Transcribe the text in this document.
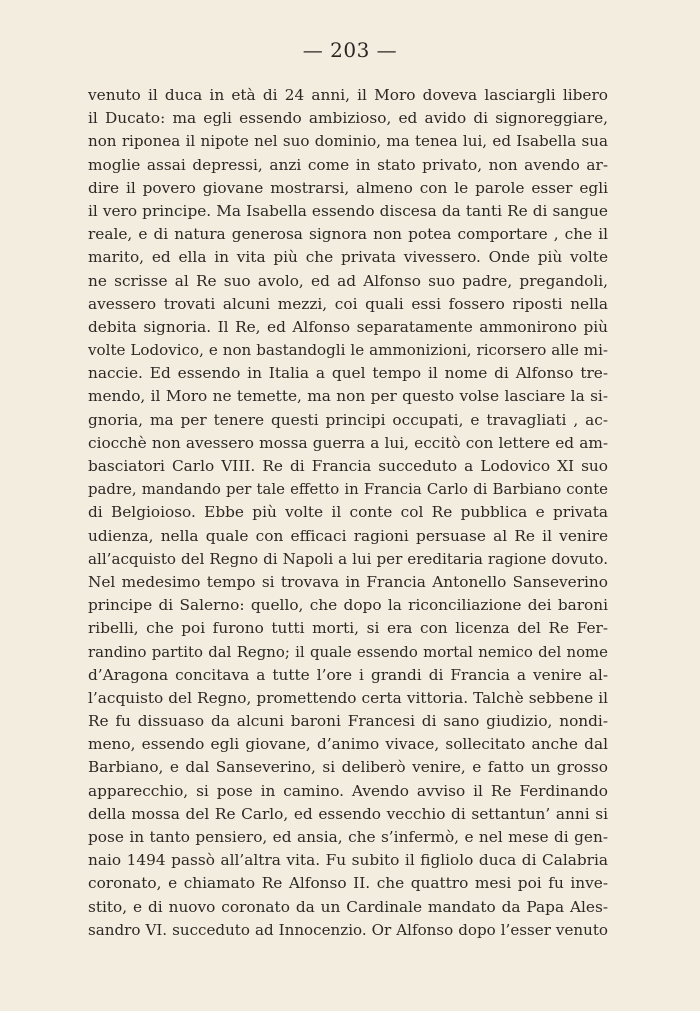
— 203 —
venuto il duca in età di 24 anni, il Moro doveva lasciargli libero
il Ducato: ma egli essendo ambizioso, ed avido di signoreggiare,
non riponea il nipote nel suo dominio, ma tenea lui, ed Isabella sua
moglie assai depressi, anzi come in stato privato, non avendo ar-
dire il povero giovane mostrarsi, almeno con le parole esser egli
il vero principe. Ma Isabella essendo discesa da tanti Re di sangue
reale, e di natura generosa signora non potea comportare , che il
marito, ed ella in vita più che privata vivessero. Onde più volte
ne scrisse al Re suo avolo, ed ad Alfonso suo padre, pregandoli,
avessero trovati alcuni mezzi, coi quali essi fossero riposti nella
debita signoria. Il Re, ed Alfonso separatamente ammonirono più
volte Lodovico, e non bastandogli le ammonizioni, ricorsero alle mi-
naccie. Ed essendo in Italia a quel tempo il nome di Alfonso tre-
mendo, il Moro ne temette, ma non per questo volse lasciare la si-
gnoria, ma per tenere questi principi occupati, e travagliati , ac-
ciocchè non avessero mossa guerra a lui, eccitò con lettere ed am-
basciatori Carlo VIII. Re di Francia succeduto a Lodovico XI suo
padre, mandando per tale effetto in Francia Carlo di Barbiano conte
di Belgioioso. Ebbe più volte il conte col Re pubblica e privata
udienza, nella quale con efficaci ragioni persuase al Re il venire
all’acquisto del Regno di Napoli a lui per ereditaria ragione dovuto.
Nel medesimo tempo si trovava in Francia Antonello Sanseverino
principe di Salerno: quello, che dopo la riconciliazione dei baroni
ribelli, che poi furono tutti morti, si era con licenza del Re Fer-
randino partito dal Regno; il quale essendo mortal nemico del nome
d’Aragona concitava a tutte l’ore i grandi di Francia a venire al-
l’acquisto del Regno, promettendo certa vittoria. Talchè sebbene il
Re fu dissuaso da alcuni baroni Francesi di sano giudizio, nondi-
meno, essendo egli giovane, d’animo vivace, sollecitato anche dal
Barbiano, e dal Sanseverino, si deliberò venire, e fatto un grosso
apparecchio, si pose in camino. Avendo avviso il Re Ferdinando
della mossa del Re Carlo, ed essendo vecchio di settantun’ anni si
pose in tanto pensiero, ed ansia, che s’infermò, e nel mese di gen-
naio 1494 passò all’altra vita. Fu subito il figliolo duca di Calabria
coronato, e chiamato Re Alfonso II. che quattro mesi poi fu inve-
stito, e di nuovo coronato da un Cardinale mandato da Papa Ales-
sandro VI. succeduto ad Innocenzio. Or Alfonso dopo l’esser venuto
